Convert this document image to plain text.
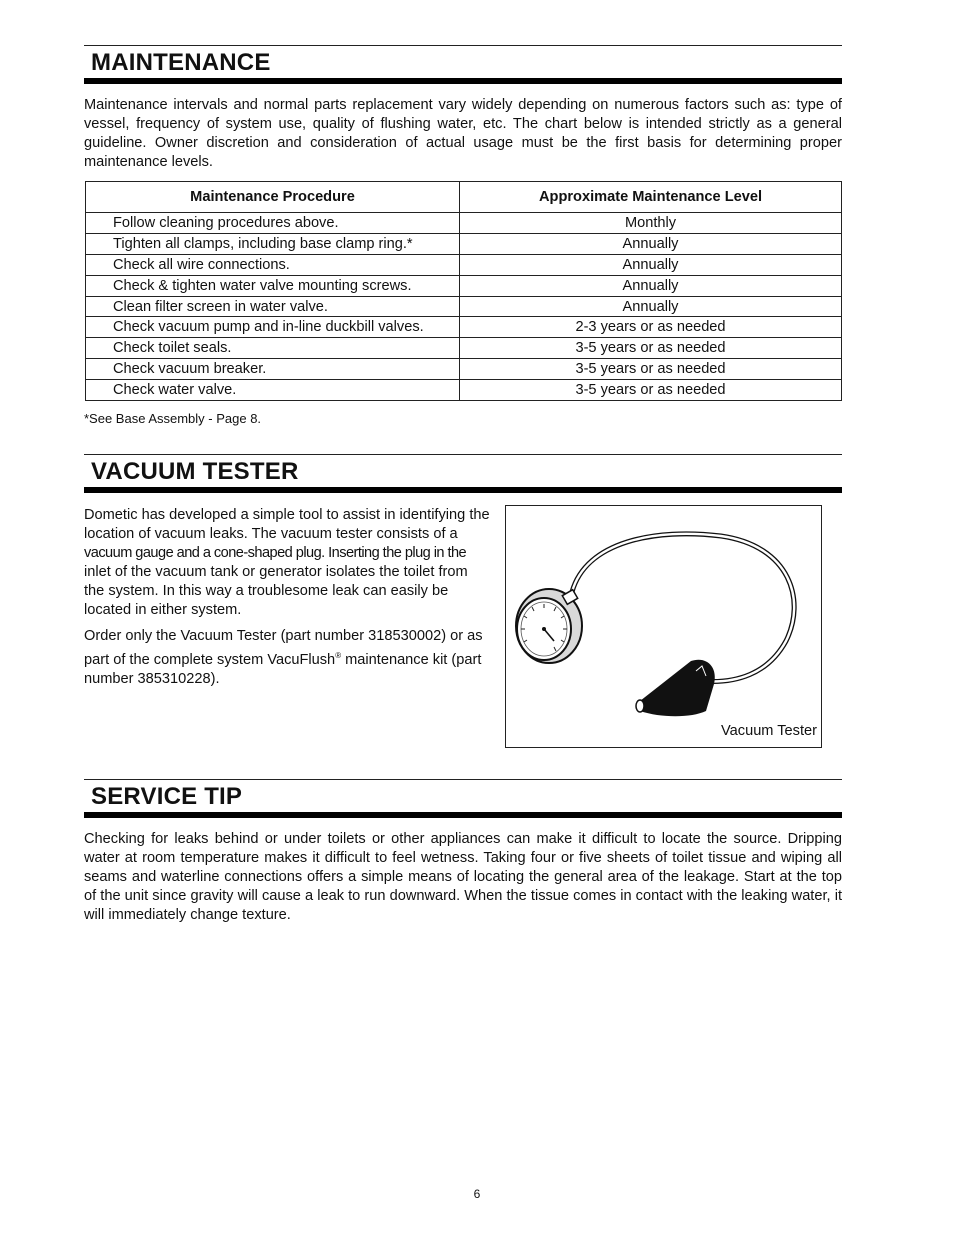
MAINTENANCE
Maintenance intervals and normal parts replacement vary widely depending on numerous factors such as: type of vessel, frequency of system use, quality of flushing water, etc. The chart below is intended strictly as a general guideline. Owner discretion and consideration of actual usage must be the first basis for determining proper maintenance levels.
Maintenance Procedure	Approximate Maintenance Level
Follow cleaning procedures above.	Monthly
Tighten all clamps, including base clamp ring.*	Annually
Check all wire connections.	Annually
Check & tighten water valve mounting screws.	Annually
Clean filter screen in water valve.	Annually
Check vacuum pump and in-line duckbill valves.	2-3 years or as needed
Check toilet seals.	3-5 years or as needed
Check vacuum breaker.	3-5 years or as needed
Check water valve.	3-5 years or as needed
*See Base Assembly - Page 8.
VACUUM TESTER

Dometic has developed a simple tool to assist in identifying the location of vacuum leaks. The vacuum tester consists of a vacuum gauge and a cone-shaped plug. Inserting the plug in the inlet of the vacuum tank or generator isolates the toilet from the system. In this way a troublesome leak can easily be located in either system.

Order only the Vacuum Tester (part number 318530002) or as part of the complete system VacuFlush® maintenance kit (part number 385310228).

Vacuum Tester
SERVICE TIP
Checking for leaks behind or under toilets or other appliances can make it difficult to locate the source. Dripping water at room temperature makes it difficult to feel wetness. Taking four or five sheets of toilet tissue and wiping all seams and waterline connections offers a simple means of locating the general area of the leakage. Start at the top of the unit since gravity will cause a leak to run downward. When the tissue comes in contact with the leaking water, it will immediately change texture.
6
